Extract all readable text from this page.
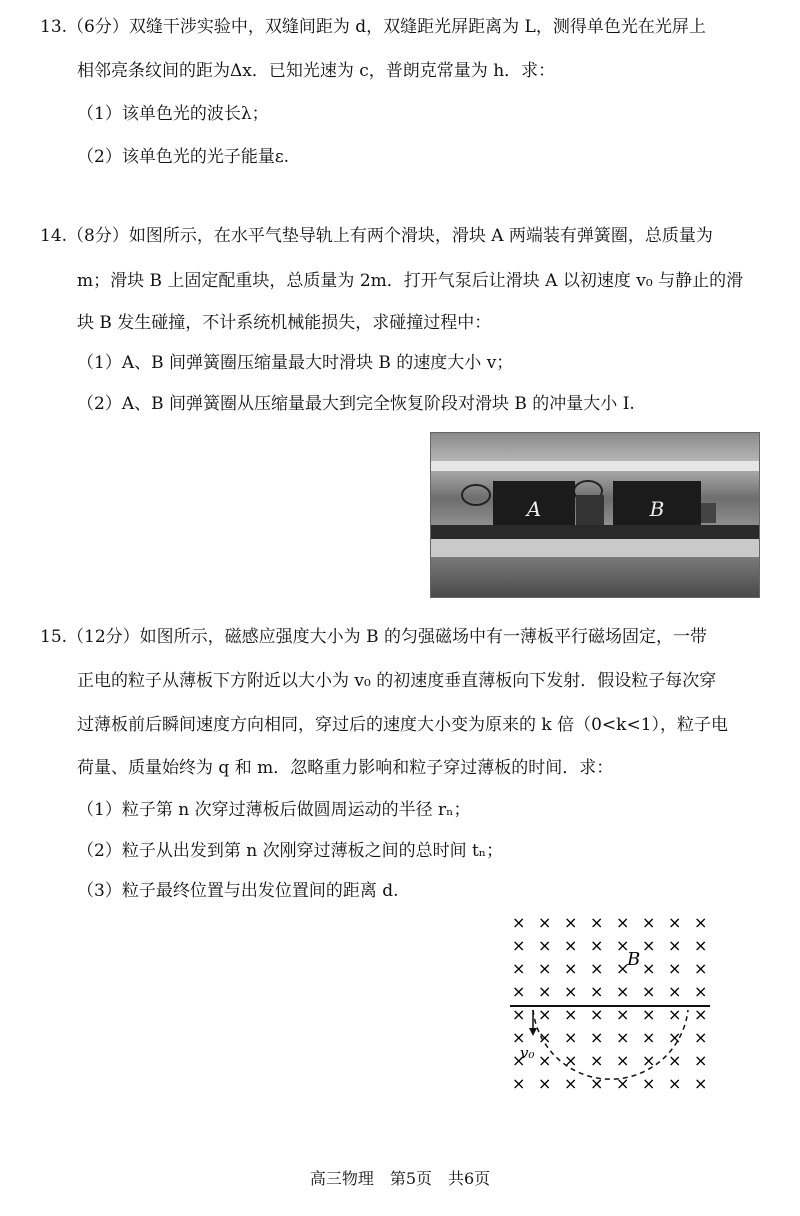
13.（6分）双缝干涉实验中，双缝间距为 d，双缝距光屏距离为 L，测得单色光在光屏上
相邻亮条纹间的距为Δx．已知光速为 c，普朗克常量为 h．求：
（1）该单色光的波长λ；
（2）该单色光的光子能量ε.
14.（8分）如图所示，在水平气垫导轨上有两个滑块，滑块 A 两端装有弹簧圈，总质量为
m；滑块 B 上固定配重块，总质量为 2m．打开气泵后让滑块 A 以初速度 v₀ 与静止的滑
块 B 发生碰撞，不计系统机械能损失，求碰撞过程中：
（1）A、B 间弹簧圈压缩量最大时滑块 B 的速度大小 v；
（2）A、B 间弹簧圈从压缩量最大到完全恢复阶段对滑块 B 的冲量大小 I.
A	B
15.（12分）如图所示，磁感应强度大小为 B 的匀强磁场中有一薄板平行磁场固定，一带
正电的粒子从薄板下方附近以大小为 v₀ 的初速度垂直薄板向下发射．假设粒子每次穿
过薄板前后瞬间速度方向相同，穿过后的速度大小变为原来的 k 倍（0<k<1），粒子电
荷量、质量始终为 q 和 m．忽略重力影响和粒子穿过薄板的时间．求：
（1）粒子第 n 次穿过薄板后做圆周运动的半径 rₙ；
（2）粒子从出发到第 n 次刚穿过薄板之间的总时间 tₙ；
（3）粒子最终位置与出发位置间的距离 d.
× × × × × × × ×
× × × × × × × ×
× × × × × × × ×
× × × × × × × ×
× × × × × × × ×
× × × × × × × ×
× × × × × × × ×
× × × × × × × ×
B
v₀
高三物理　第5页　共6页
